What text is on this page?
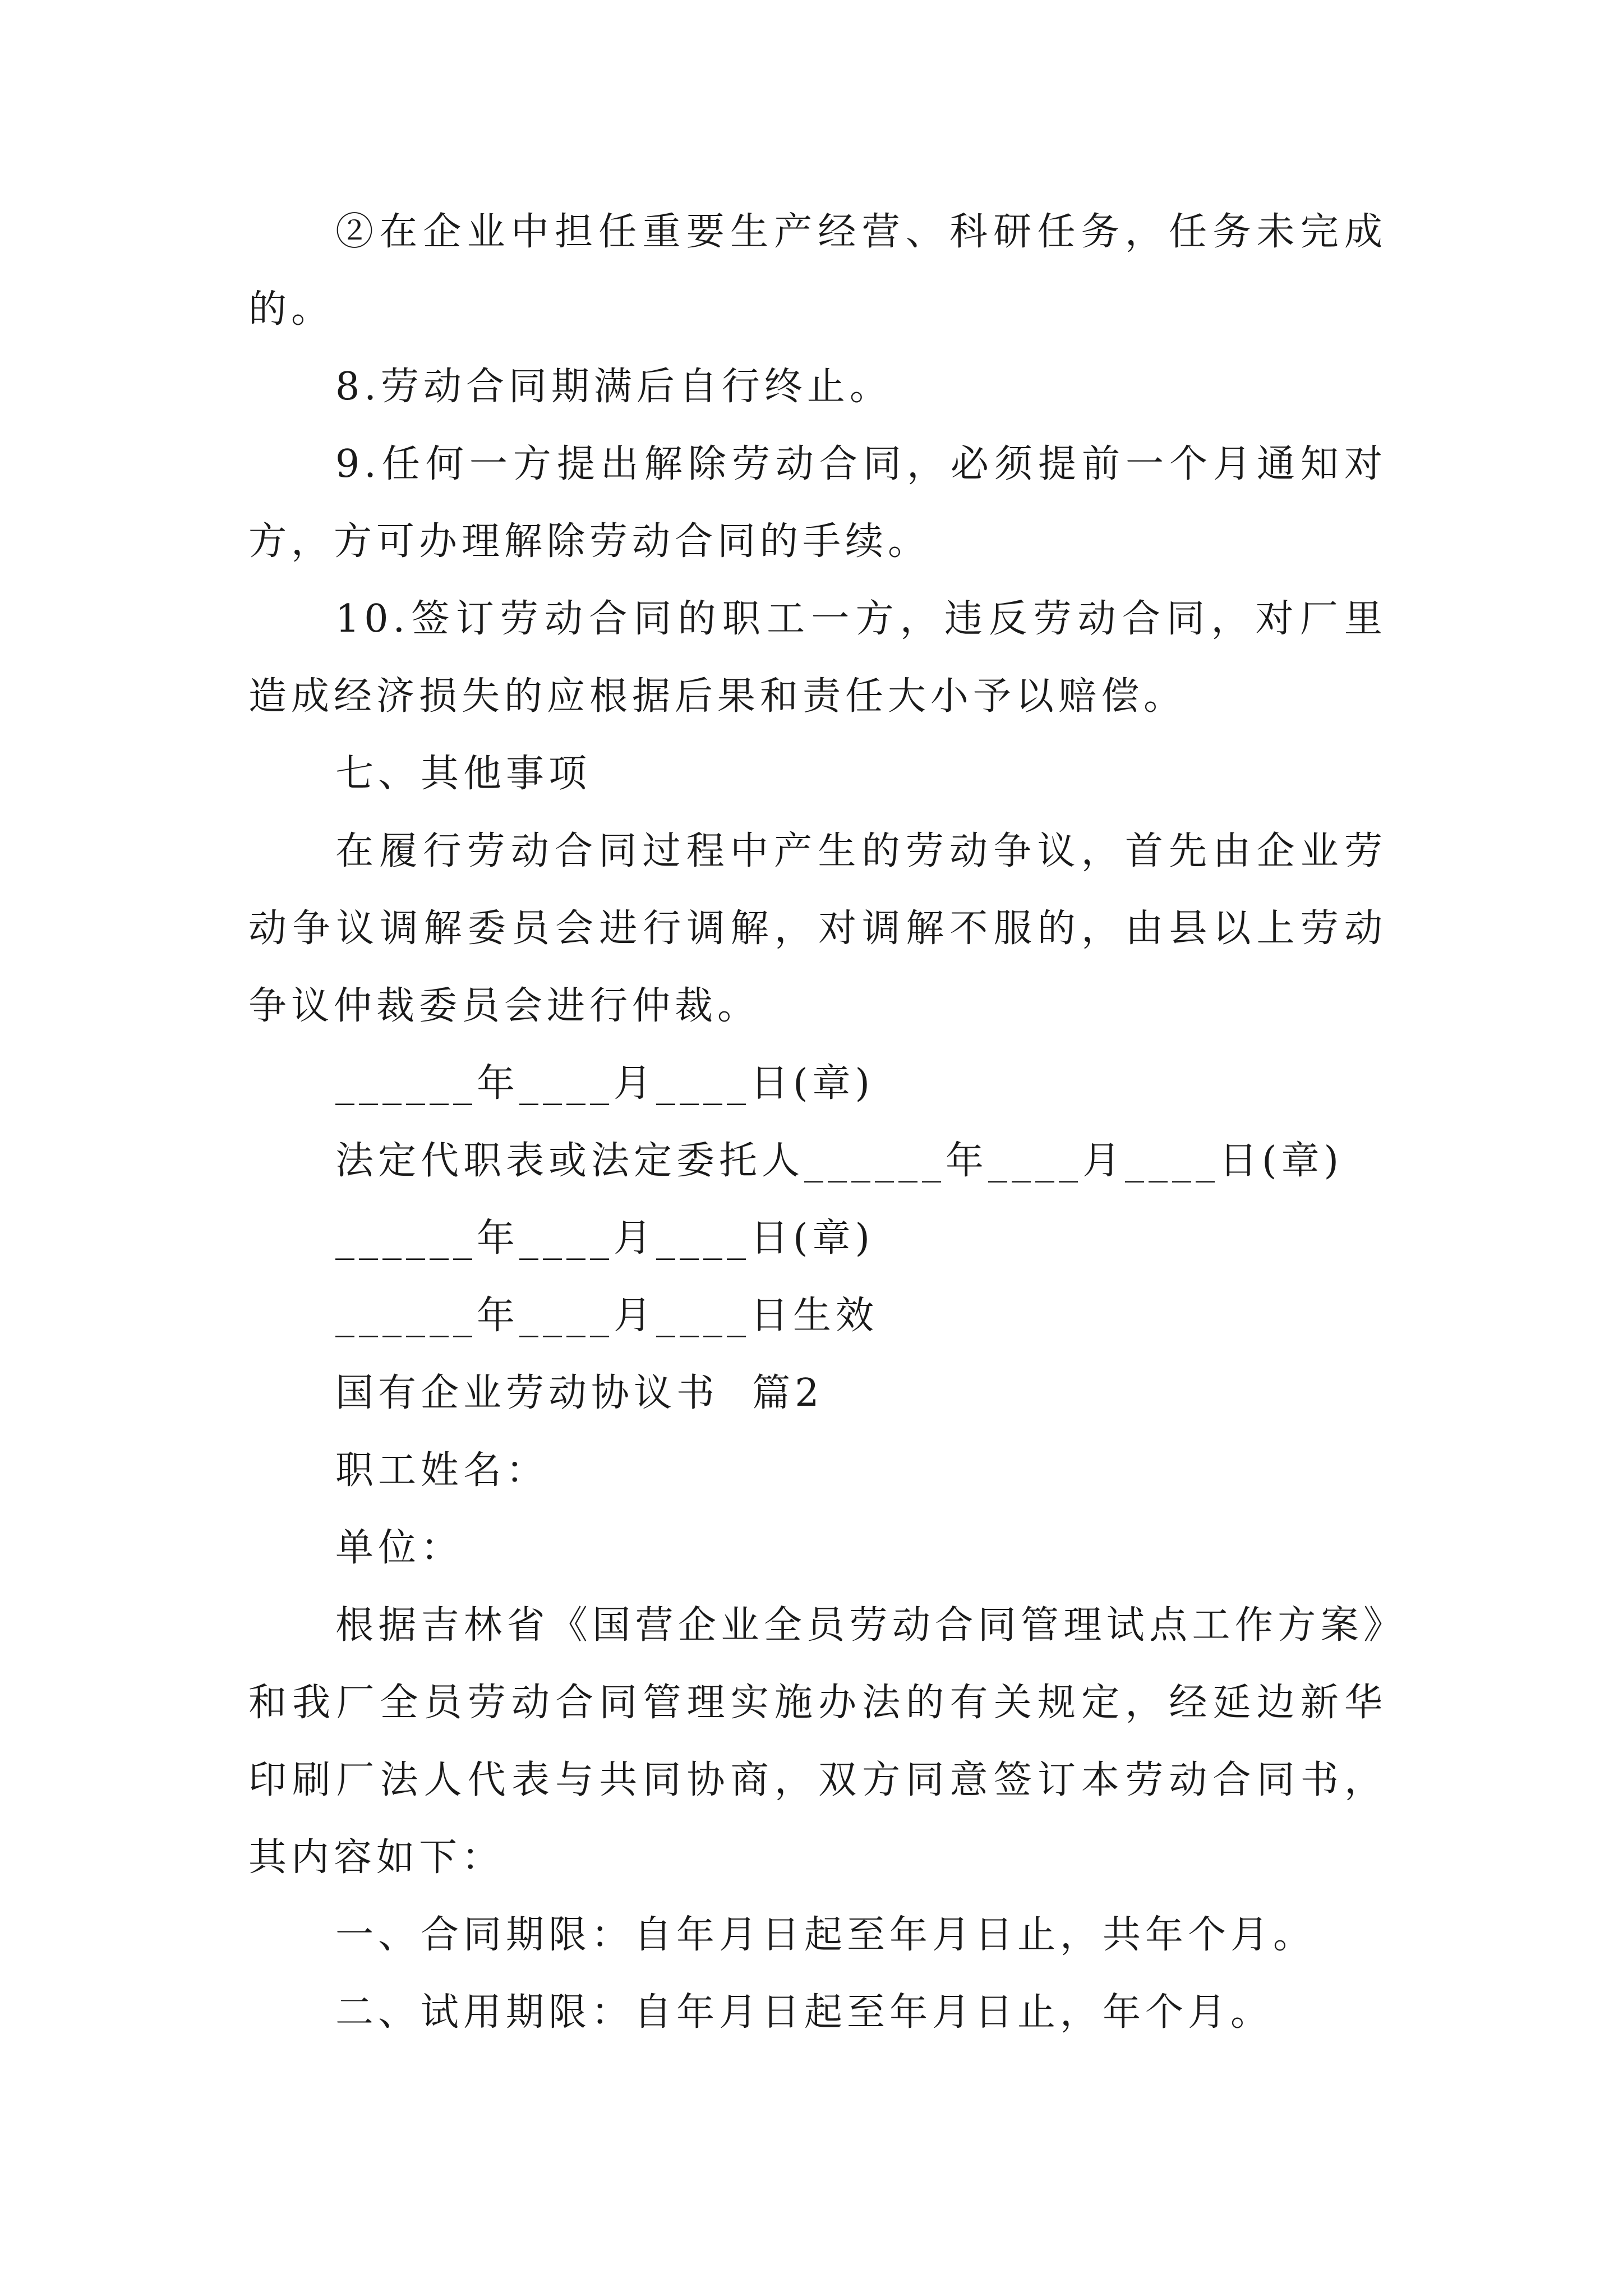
②在企业中担任重要生产经营、科研任务，任务未完成的。

8.劳动合同期满后自行终止。

9.任何一方提出解除劳动合同，必须提前一个月通知对方，方可办理解除劳动合同的手续。

10.签订劳动合同的职工一方，违反劳动合同，对厂里造成经济损失的应根据后果和责任大小予以赔偿。

七、其他事项

在履行劳动合同过程中产生的劳动争议，首先由企业劳动争议调解委员会进行调解，对调解不服的，由县以上劳动争议仲裁委员会进行仲裁。

______年____月____日(章)

法定代职表或法定委托人______年____月____日(章)

______年____月____日(章)

______年____月____日生效

国有企业劳动协议书  篇2

职工姓名：

单位：

根据吉林省《国营企业全员劳动合同管理试点工作方案》和我厂全员劳动合同管理实施办法的有关规定，经延边新华印刷厂法人代表与共同协商，双方同意签订本劳动合同书，其内容如下：

一、合同期限：自年月日起至年月日止，共年个月。

二、试用期限：自年月日起至年月日止，年个月。
